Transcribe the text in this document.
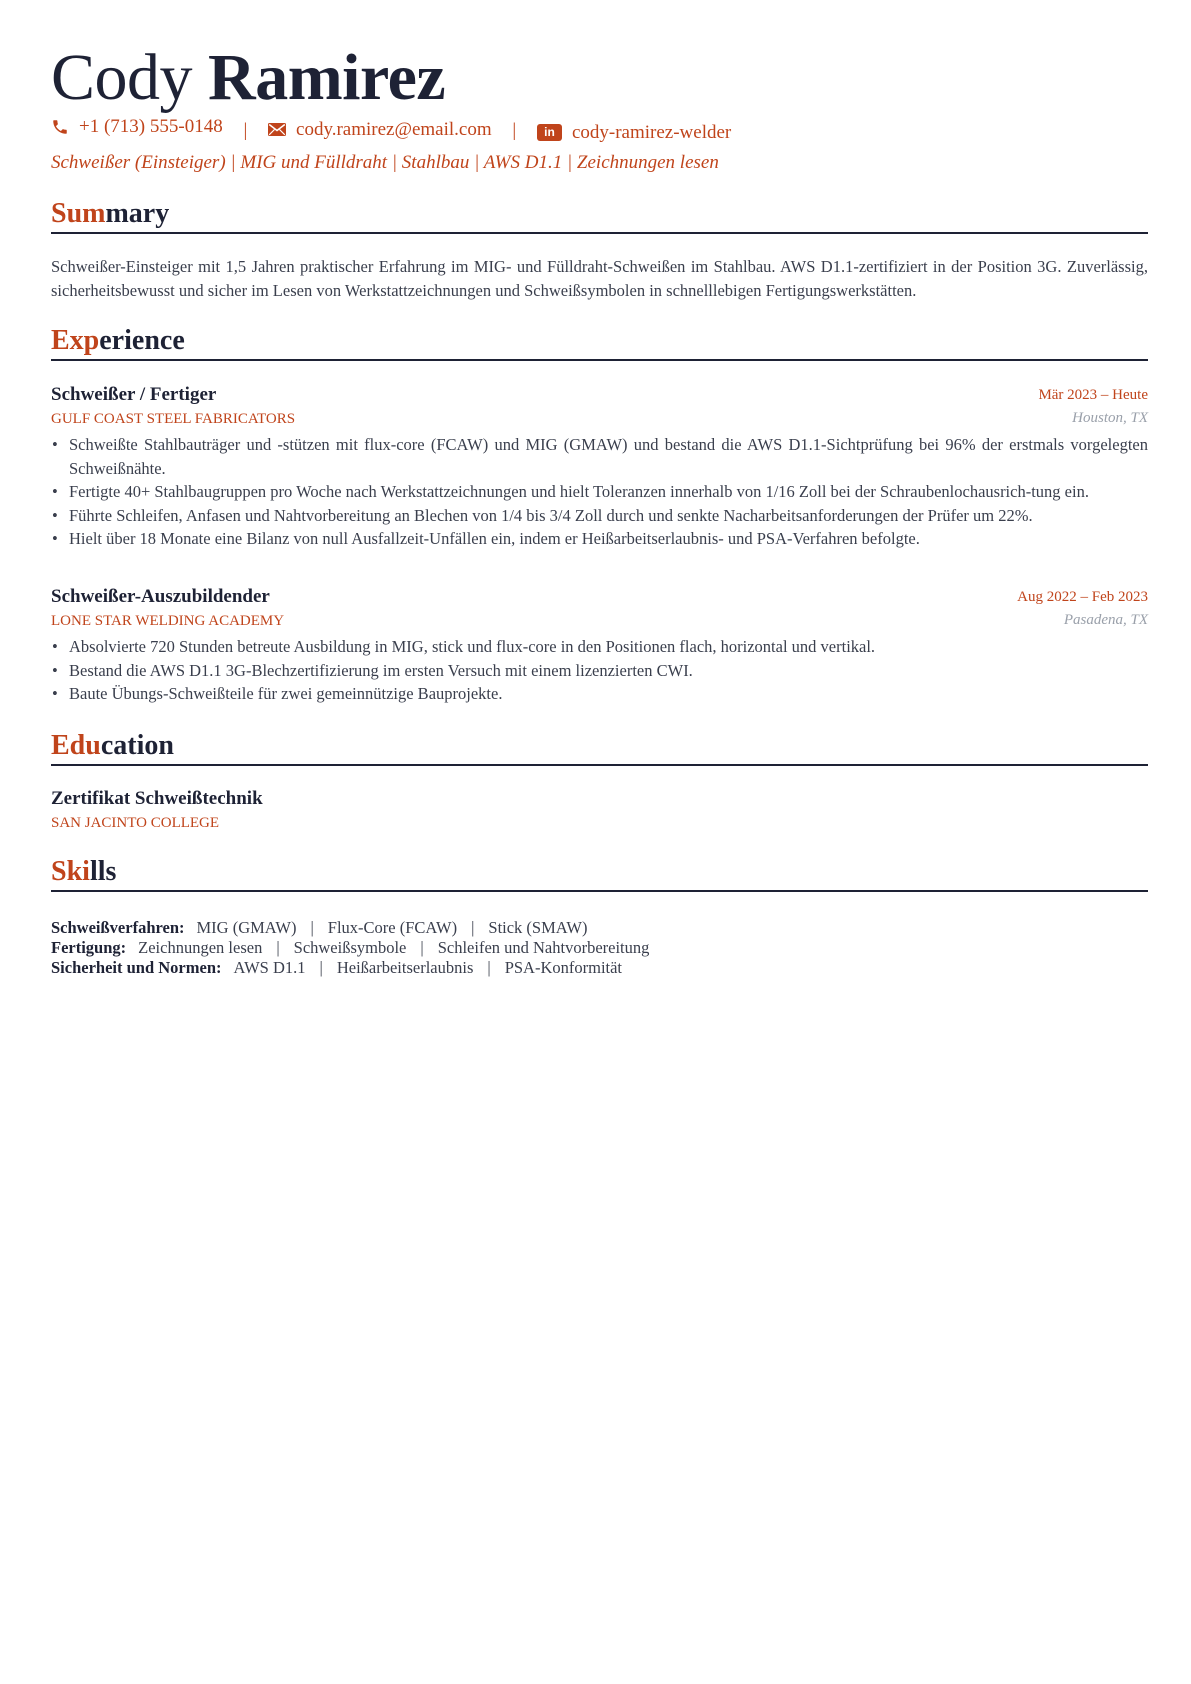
Cody Ramirez
+1 (713) 555-0148 |	cody.ramirez@email.com |	in cody-ramirez-welder
Schweißer (Einsteiger) | MIG und Fülldraht | Stahlbau | AWS D1.1 | Zeichnungen lesen
Summary
Schweißer-Einsteiger mit 1,5 Jahren praktischer Erfahrung im MIG- und Fülldraht-Schweißen im Stahlbau. AWS D1.1-zertifiziert in der Position 3G. Zuverlässig, sicherheitsbewusst und sicher im Lesen von Werkstattzeichnungen und Schweißsymbolen in schnelllebigen Fertigungswerkstätten.
Experience
Schweißer / Fertiger	Mär 2023 – Heute
GULF COAST STEEL FABRICATORS	Houston, TX
• Schweißte Stahlbauträger und -stützen mit flux-core (FCAW) und MIG (GMAW) und bestand die AWS D1.1-Sichtprüfung bei 96% der erstmals vorgelegten Schweißnähte.
• Fertigte 40+ Stahlbaugruppen pro Woche nach Werkstattzeichnungen und hielt Toleranzen innerhalb von 1/16 Zoll bei der Schraubenlochausrich-tung ein.
• Führte Schleifen, Anfasen und Nahtvorbereitung an Blechen von 1/4 bis 3/4 Zoll durch und senkte Nacharbeitsanforderungen der Prüfer um 22%.
• Hielt über 18 Monate eine Bilanz von null Ausfallzeit-Unfällen ein, indem er Heißarbeitserlaubnis- und PSA-Verfahren befolgte.
Schweißer-Auszubildender	Aug 2022 – Feb 2023
LONE STAR WELDING ACADEMY	Pasadena, TX
• Absolvierte 720 Stunden betreute Ausbildung in MIG, stick und flux-core in den Positionen flach, horizontal und vertikal.
• Bestand die AWS D1.1 3G-Blechzertifizierung im ersten Versuch mit einem lizenzierten CWI.
• Baute Übungs-Schweißteile für zwei gemeinnützige Bauprojekte.
Education
Zertifikat Schweißtechnik
SAN JACINTO COLLEGE
Skills
Schweißverfahren: MIG (GMAW) | Flux-Core (FCAW) | Stick (SMAW)
Fertigung: Zeichnungen lesen | Schweißsymbole | Schleifen und Nahtvorbereitung
Sicherheit und Normen: AWS D1.1 | Heißarbeitserlaubnis | PSA-Konformität
